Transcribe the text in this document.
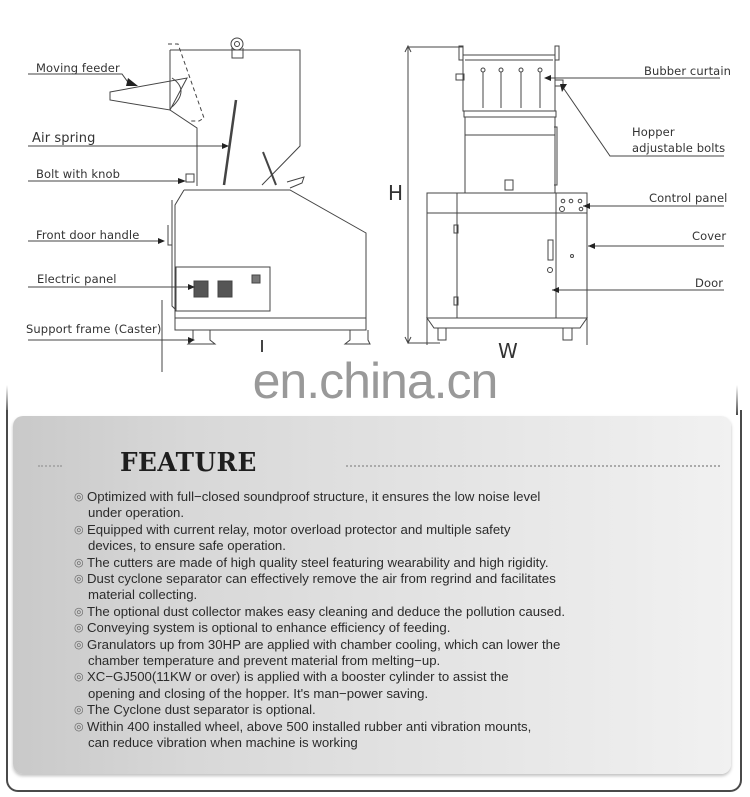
H
W
Moving feeder
Air spring
Bolt with knob
Front door handle
Electric panel
Support frame (Caster)
Bubber curtain
Hopper
adjustable bolts
Control panel
Cover
Door
en.china.cn
FEATURE
◎ Optimized with full−closed soundproof structure, it ensures the low noise level
under operation.
◎ Equipped with current relay, motor overload protector and multiple safety
devices, to ensure safe operation.
◎ The cutters are made of high quality steel featuring wearability and high rigidity.
◎ Dust cyclone separator can effectively remove the air from regrind and facilitates
material collecting.
◎ The optional dust collector makes easy cleaning and deduce the pollution caused.
◎ Conveying system is optional to enhance efficiency of feeding.
◎ Granulators up from 30HP are applied with chamber cooling, which can lower the
chamber temperature and prevent material from melting−up.
◎ XC−GJ500(11KW or over) is applied with a booster cylinder to assist the
opening and closing of the hopper. It's man−power saving.
◎ The Cyclone dust separator is optional.
◎ Within 400 installed wheel, above 500 installed rubber anti vibration mounts,
can reduce vibration when machine is working
